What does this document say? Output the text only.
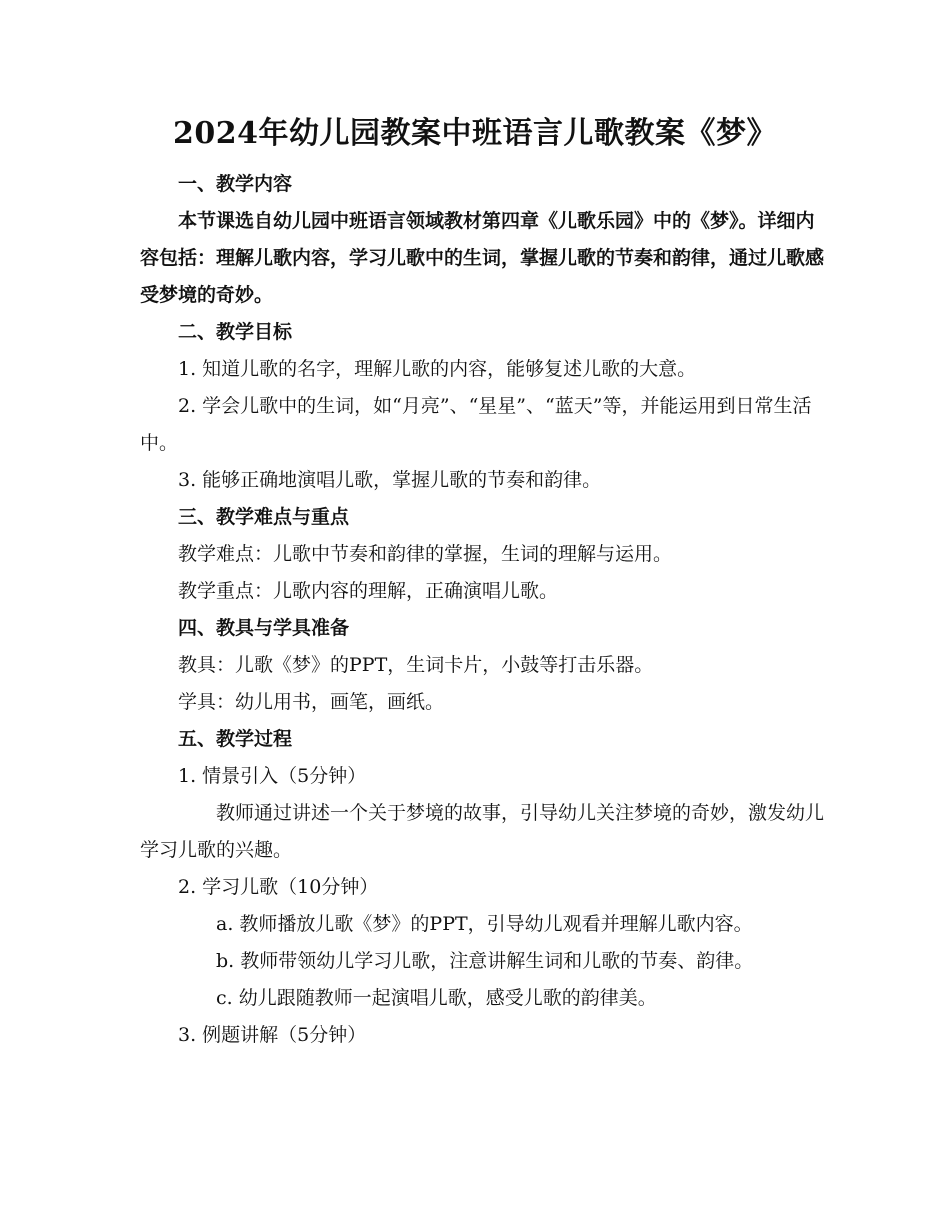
2024年幼儿园教案中班语言儿歌教案《梦》

一、教学内容

本节课选自幼儿园中班语言领域教材第四章《儿歌乐园》中的《梦》。详细内容包括：理解儿歌内容，学习儿歌中的生词，掌握儿歌的节奏和韵律，通过儿歌感受梦境的奇妙。

二、教学目标

1. 知道儿歌的名字，理解儿歌的内容，能够复述儿歌的大意。

2. 学会儿歌中的生词，如“月亮”、“星星”、“蓝天”等，并能运用到日常生活中。

3. 能够正确地演唱儿歌，掌握儿歌的节奏和韵律。

三、教学难点与重点

教学难点：儿歌中节奏和韵律的掌握，生词的理解与运用。

教学重点：儿歌内容的理解，正确演唱儿歌。

四、教具与学具准备

教具：儿歌《梦》的PPT，生词卡片，小鼓等打击乐器。

学具：幼儿用书，画笔，画纸。

五、教学过程

1. 情景引入（5分钟）

教师通过讲述一个关于梦境的故事，引导幼儿关注梦境的奇妙，激发幼儿学习儿歌的兴趣。

2. 学习儿歌（10分钟）

a. 教师播放儿歌《梦》的PPT，引导幼儿观看并理解儿歌内容。

b. 教师带领幼儿学习儿歌，注意讲解生词和儿歌的节奏、韵律。

c. 幼儿跟随教师一起演唱儿歌，感受儿歌的韵律美。

3. 例题讲解（5分钟）
